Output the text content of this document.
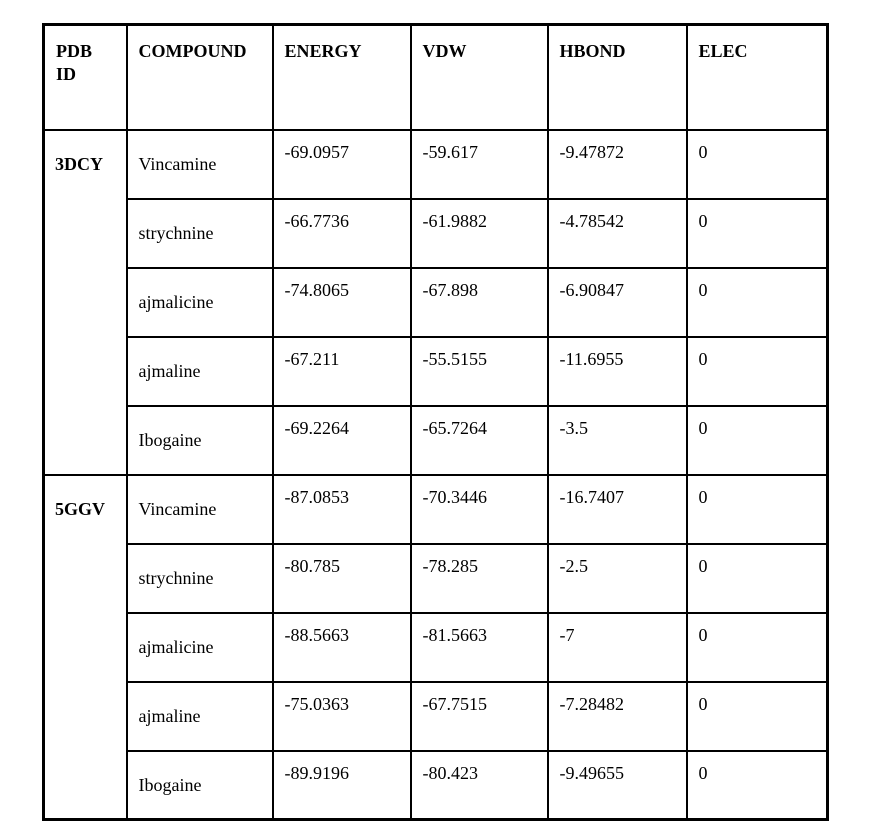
PDB ID	COMPOUND	ENERGY	VDW	HBOND	ELEC
3DCY	Vincamine	-69.0957	-59.617	-9.47872	0
	strychnine	-66.7736	-61.9882	-4.78542	0
	ajmalicine	-74.8065	-67.898	-6.90847	0
	ajmaline	-67.211	-55.5155	-11.6955	0
	Ibogaine	-69.2264	-65.7264	-3.5	0
5GGV	Vincamine	-87.0853	-70.3446	-16.7407	0
	strychnine	-80.785	-78.285	-2.5	0
	ajmalicine	-88.5663	-81.5663	-7	0
	ajmaline	-75.0363	-67.7515	-7.28482	0
	Ibogaine	-89.9196	-80.423	-9.49655	0
